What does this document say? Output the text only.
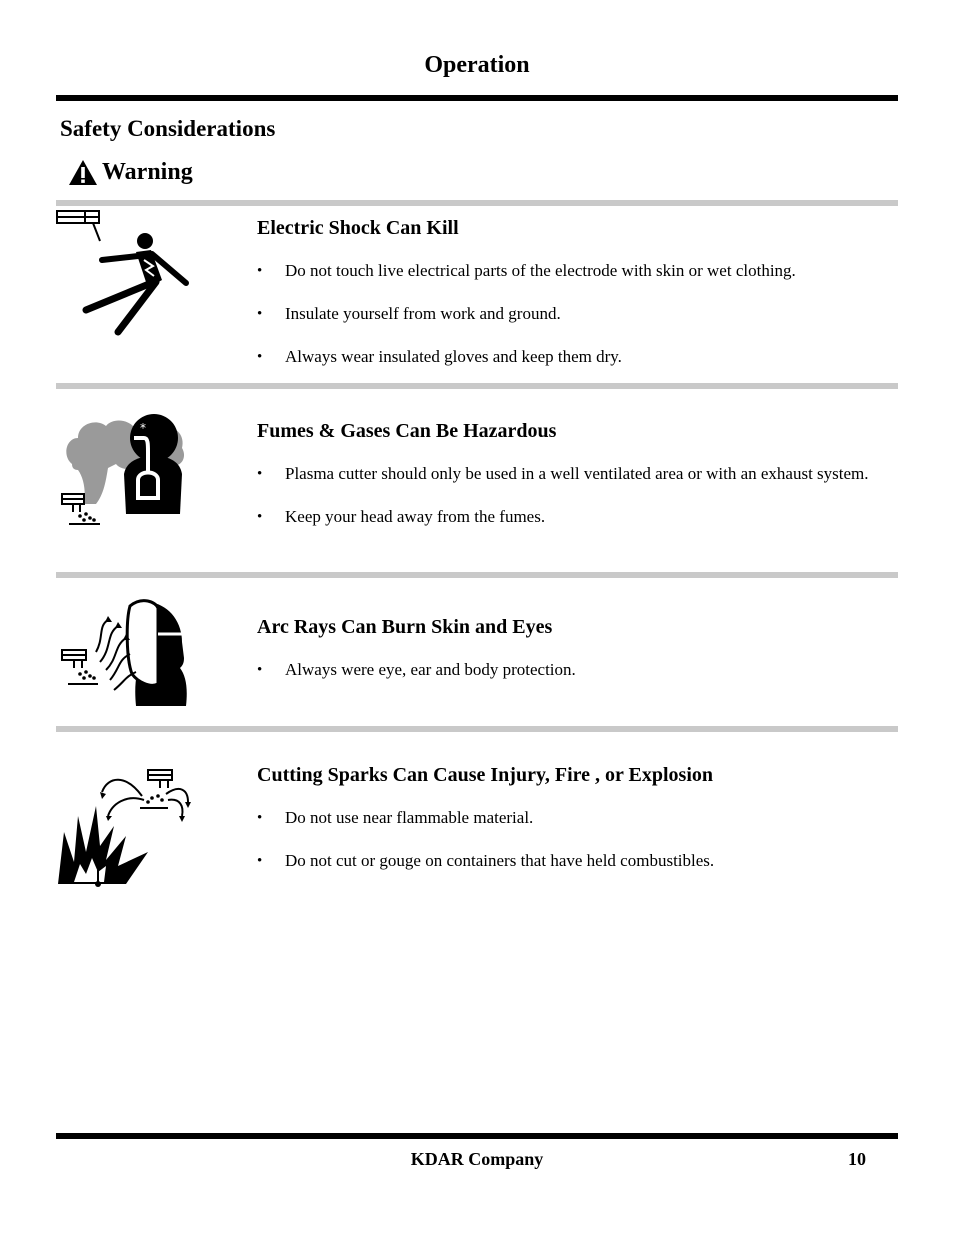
Operation
Safety Considerations
Warning
Electric Shock Can Kill
• Do not touch live electrical parts of the electrode with skin or wet clothing.
• Insulate yourself from work and ground.
• Always wear insulated gloves and keep them dry.
*	Fumes & Gases Can Be Hazardous
• Plasma cutter should only be used in a well ventilated area or with an exhaust system.
• Keep your head away from the fumes.
Arc Rays Can Burn Skin and Eyes
• Always were eye, ear and body protection.
Cutting Sparks Can Cause Injury, Fire , or Explosion
• Do not use near flammable material.
• Do not cut or gouge on containers that have held combustibles.
KDAR Company	10
